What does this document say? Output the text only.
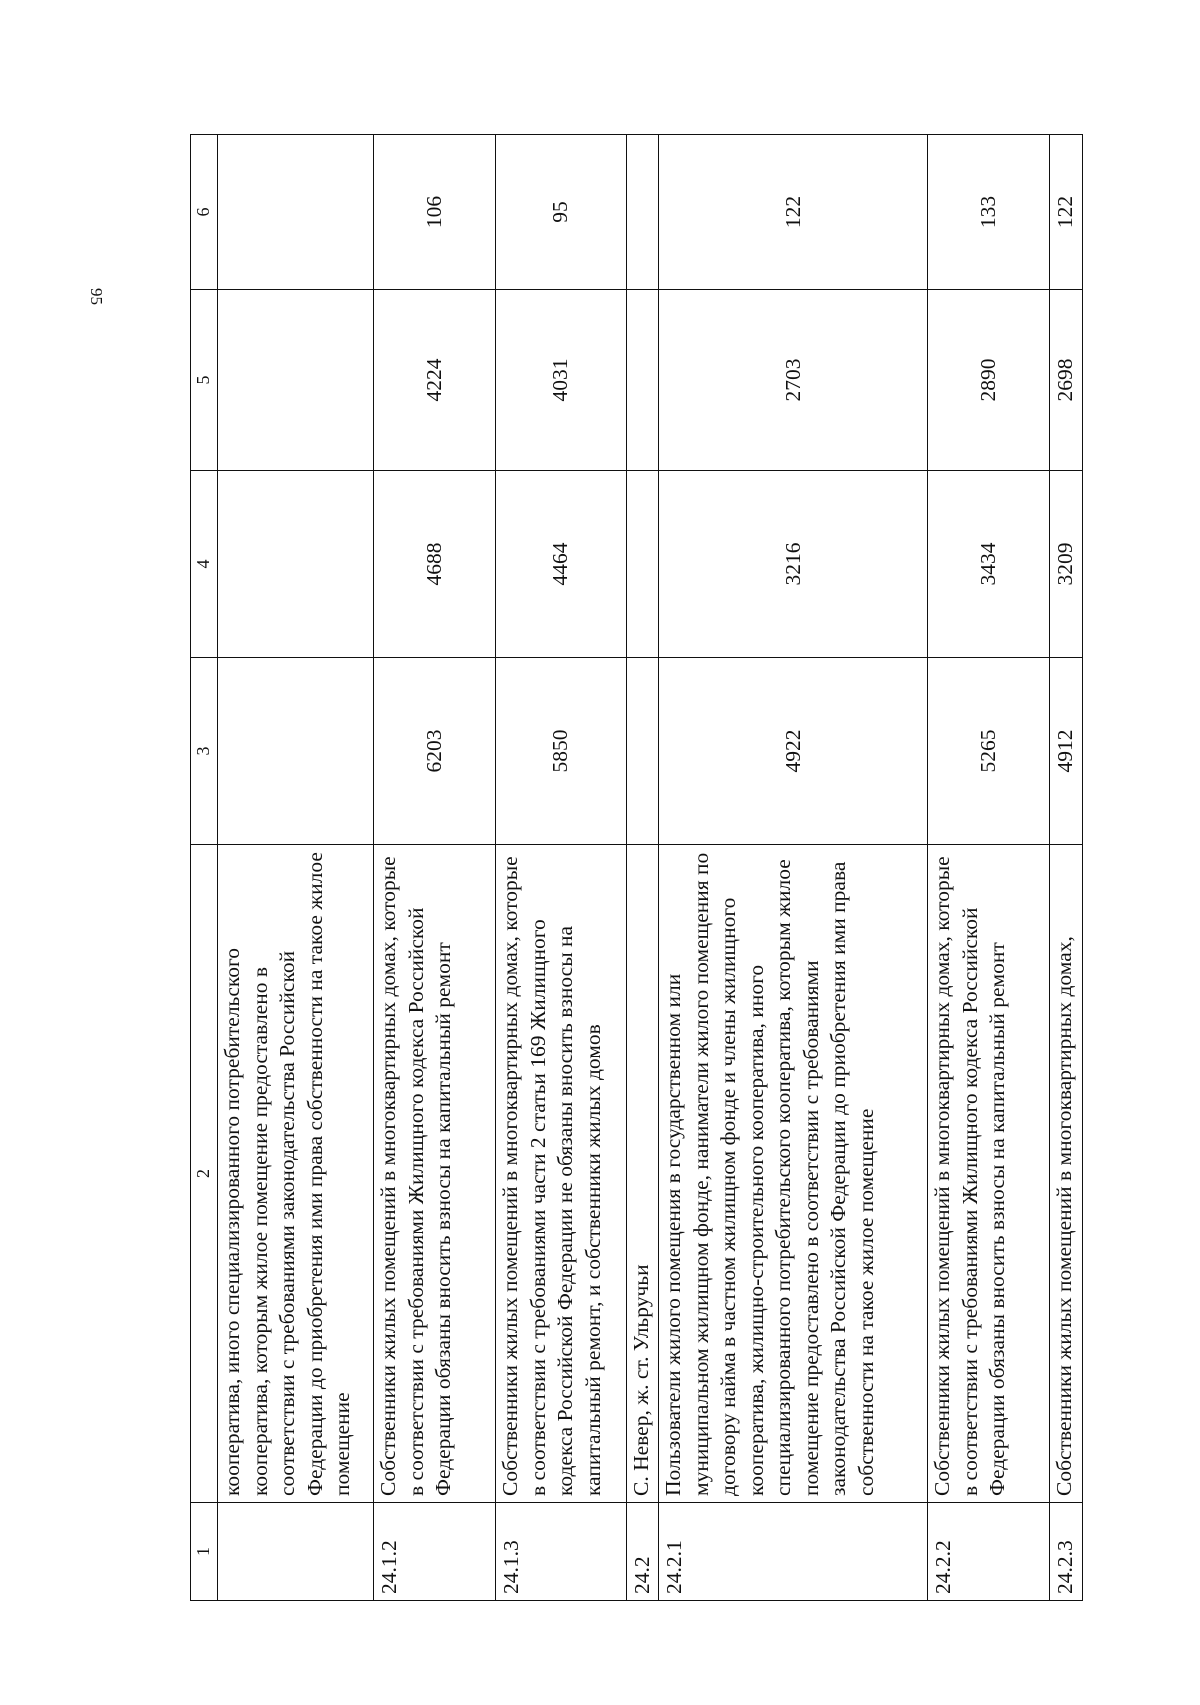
95
1	2	3	4	5	6
	кооператива, иного специализированного потребительского кооператива, которым жилое помещение предоставлено в соответствии с требованиями законодательства Российской Федерации до приобретения ими права собственности на такое жилое помещение				
24.1.2	Собственники жилых помещений в многоквартирных домах, которые в соответствии с требованиями Жилищного кодекса Российской Федерации обязаны вносить взносы на капитальный ремонт	6203	4688	4224	106
24.1.3	Собственники жилых помещений в многоквартирных домах, которые в соответствии с требованиями части 2 статьи 169 Жилищного кодекса Российской Федерации не обязаны вносить взносы на капитальный ремонт, и собственники жилых домов	5850	4464	4031	95
24.2	С. Невер, ж. ст. Ульручьи				
24.2.1	Пользователи жилого помещения в государственном или муниципальном жилищном фонде, наниматели жилого помещения по договору найма в частном жилищном фонде и члены жилищного кооператива, жилищно-строительного кооператива, иного специализированного потребительского кооператива, которым жилое помещение предоставлено в соответствии с требованиями законодательства Российской Федерации до приобретения ими права собственности на такое жилое помещение	4922	3216	2703	122
24.2.2	Собственники жилых помещений в многоквартирных домах, которые в соответствии с требованиями Жилищного кодекса Российской Федерации обязаны вносить взносы на капитальный ремонт	5265	3434	2890	133
24.2.3	Собственники жилых помещений в многоквартирных домах,	4912	3209	2698	122
